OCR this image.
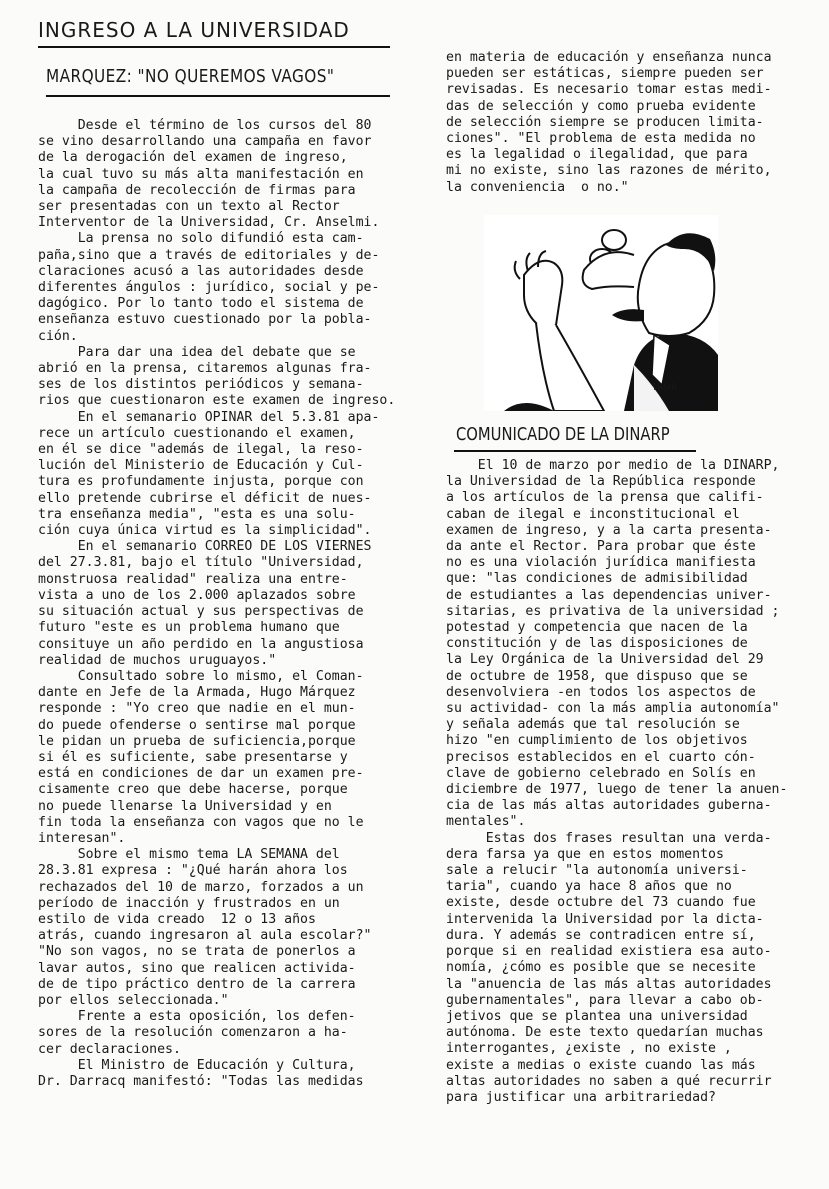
INGRESO A LA UNIVERSIDAD
MARQUEZ: "NO QUEREMOS VAGOS"

Desde el término de los cursos del 80

se vino desarrollando una campaña en favor

de la derogación del examen de ingreso,

la cual tuvo su más alta manifestación en

la campaña de recolección de firmas para

ser presentadas con un texto al Rector

Interventor de la Universidad, Cr. Anselmi.

La prensa no solo difundió esta cam-

paña,sino que a través de editoriales y de-

claraciones acusó a las autoridades desde

diferentes ángulos : jurídico, social y pe-

dagógico. Por lo tanto todo el sistema de

enseñanza estuvo cuestionado por la pobla-

ción.

Para dar una idea del debate que se

abrió en la prensa, citaremos algunas fra-

ses de los distintos periódicos y semana-

rios que cuestionaron este examen de ingreso.

En el semanario OPINAR del 5.3.81 apa-

rece un artículo cuestionando el examen,

en él se dice "además de ilegal, la reso-

lución del Ministerio de Educación y Cul-

tura es profundamente injusta, porque con

ello pretende cubrirse el déficit de nues-

tra enseñanza media", "esta es una solu-

ción cuya única virtud es la simplicidad".

En el semanario CORREO DE LOS VIERNES

del 27.3.81, bajo el título "Universidad,

monstruosa realidad" realiza una entre-

vista a uno de los 2.000 aplazados sobre

su situación actual y sus perspectivas de

futuro "este es un problema humano que

consituye un año perdido en la angustiosa

realidad de muchos uruguayos."

Consultado sobre lo mismo, el Coman-

dante en Jefe de la Armada, Hugo Márquez

responde : "Yo creo que nadie en el mun-

do puede ofenderse o sentirse mal porque

le pidan un prueba de suficiencia,porque

si él es suficiente, sabe presentarse y

está en condiciones de dar un examen pre-

cisamente creo que debe hacerse, porque

no puede llenarse la Universidad y en

fin toda la enseñanza con vagos que no le

interesan".

Sobre el mismo tema LA SEMANA del

28.3.81 expresa : "¿Qué harán ahora los

rechazados del 10 de marzo, forzados a un

período de inacción y frustrados en un

estilo de vida creado  12 o 13 años

atrás, cuando ingresaron al aula escolar?"

"No son vagos, no se trata de ponerlos a

lavar autos, sino que realicen activida-

de de tipo práctico dentro de la carrera

por ellos seleccionada."

Frente a esta oposición, los defen-

sores de la resolución comenzaron a ha-

cer declaraciones.

El Ministro de Educación y Cultura,

Dr. Darracq manifestó: "Todas las medidas

en materia de educación y enseñanza nunca

pueden ser estáticas, siempre pueden ser

revisadas. Es necesario tomar estas medi-

das de selección y como prueba evidente

de selección siempre se producen limita-

ciones". "El problema de esta medida no

es la legalidad o ilegalidad, que para

mi no existe, sino las razones de mérito,

la conveniencia  o no."

Veleh
COMUNICADO DE LA DINARP

El 10 de marzo por medio de la DINARP,

la Universidad de la República responde

a los artículos de la prensa que califi-

caban de ilegal e inconstitucional el

examen de ingreso, y a la carta presenta-

da ante el Rector. Para probar que éste

no es una violación jurídica manifiesta

que: "las condiciones de admisibilidad

de estudiantes a las dependencias univer-

sitarias, es privativa de la universidad ;

potestad y competencia que nacen de la

constitución y de las disposiciones de

la Ley Orgánica de la Universidad del 29

de octubre de 1958, que dispuso que se

desenvolviera -en todos los aspectos de

su actividad- con la más amplia autonomía"

y señala además que tal resolución se

hizo "en cumplimiento de los objetivos

precisos establecidos en el cuarto cón-

clave de gobierno celebrado en Solís en

diciembre de 1977, luego de tener la anuen-

cia de las más altas autoridades guberna-

mentales".

Estas dos frases resultan una verda-

dera farsa ya que en estos momentos

sale a relucir "la autonomía universi-

taria", cuando ya hace 8 años que no

existe, desde octubre del 73 cuando fue

intervenida la Universidad por la dicta-

dura. Y además se contradicen entre sí,

porque si en realidad existiera esa auto-

nomía, ¿cómo es posible que se necesite

la "anuencia de las más altas autoridades

gubernamentales", para llevar a cabo ob-

jetivos que se plantea una universidad

autónoma. De este texto quedarían muchas

interrogantes, ¿existe , no existe ,

existe a medias o existe cuando las más

altas autoridades no saben a qué recurrir

para justificar una arbitrariedad?
